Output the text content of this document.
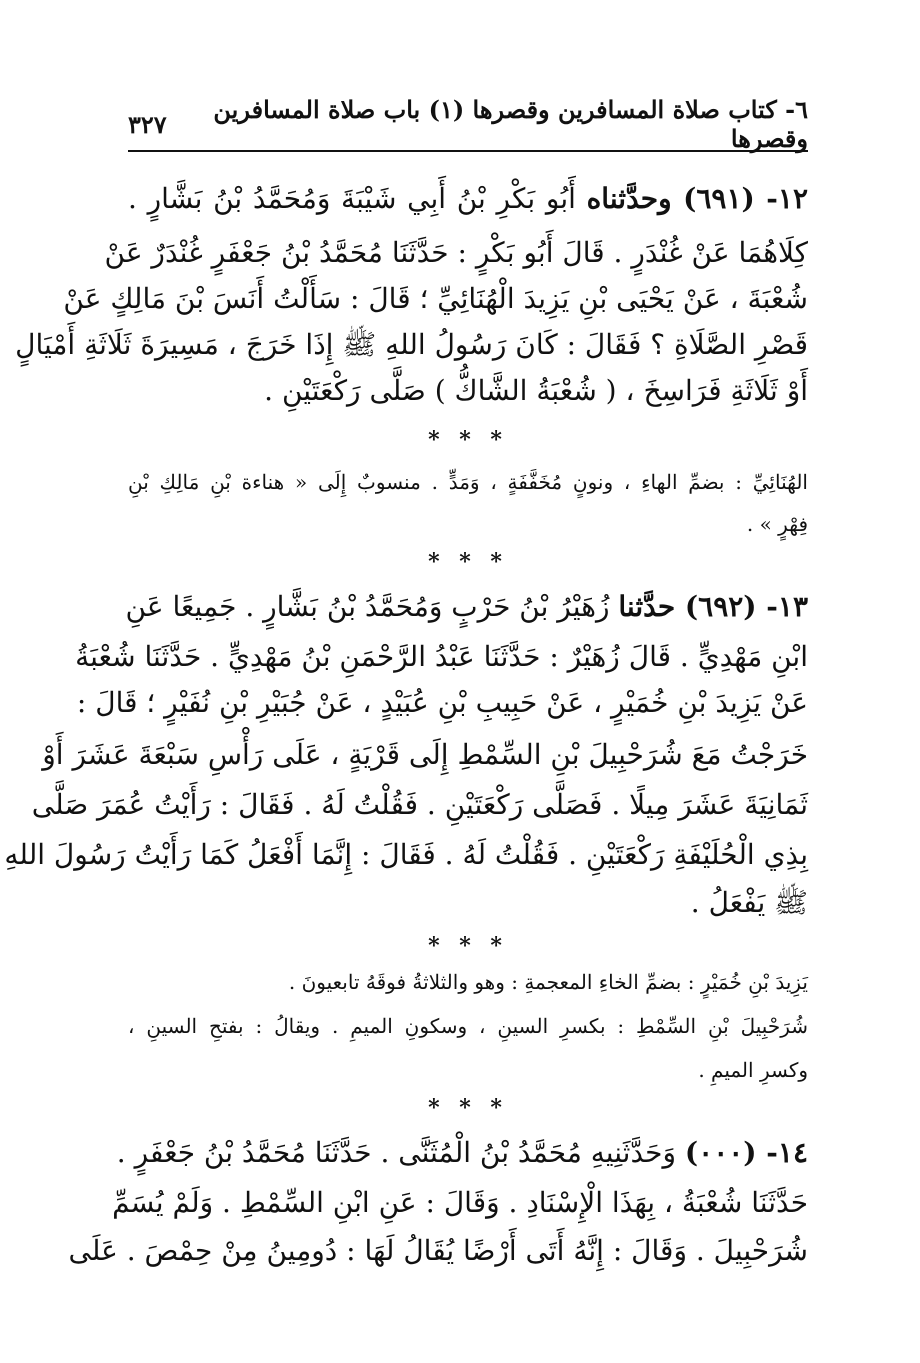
٦- كتاب صلاة المسافرين وقصرها (١) باب صلاة المسافرين وقصرها
٣٢٧
١٢- (٦٩١) وحدَّثناه أَبُو بَكْرِ بْنُ أَبِي شَيْبَةَ وَمُحَمَّدُ بْنُ بَشَّارٍ .
كِلَاهُمَا عَنْ غُنْدَرٍ . قَالَ أَبُو بَكْرٍ : حَدَّثَنَا مُحَمَّدُ بْنُ جَعْفَرٍ غُنْدَرٌ عَنْ
شُعْبَةَ ، عَنْ يَحْيَى بْنِ يَزِيدَ الْهُنَائِيِّ ؛ قَالَ : سَأَلْتُ أَنَسَ بْنَ مَالِكٍ عَنْ
قَصْرِ الصَّلَاةِ ؟ فَقَالَ : كَانَ رَسُولُ اللهِ ﷺ إِذَا خَرَجَ ، مَسِيرَةَ ثَلَاثَةِ أَمْيَالٍ
أَوْ ثَلَاثَةِ فَرَاسِخَ ، ( شُعْبَةُ الشَّاكُّ ) صَلَّى رَكْعَتَيْنِ .
* * *
الهُنَائِيِّ : بضمِّ الهاءِ ، ونونٍ مُخَفَّفَةٍ ، وَمَدٍّ . منسوبٌ إِلَى « هناءة بْنِ مَالِكِ بْنِ
فِهْرٍ » .
* * *
١٣- (٦٩٢) حدَّثنا زُهَيْرُ بْنُ حَرْبٍ وَمُحَمَّدُ بْنُ بَشَّارٍ . جَمِيعًا عَنِ
ابْنِ مَهْدِيٍّ . قَالَ زُهَيْرٌ : حَدَّثَنَا عَبْدُ الرَّحْمَنِ بْنُ مَهْدِيٍّ . حَدَّثَنَا شُعْبَةُ
عَنْ يَزِيدَ بْنِ خُمَيْرٍ ، عَنْ حَبِيبِ بْنِ عُبَيْدٍ ، عَنْ جُبَيْرِ بْنِ نُفَيْرٍ ؛ قَالَ :
خَرَجْتُ مَعَ شُرَحْبِيلَ بْنِ السِّمْطِ إِلَى قَرْيَةٍ ، عَلَى رَأْسِ سَبْعَةَ عَشَرَ أَوْ
ثَمَانِيَةَ عَشَرَ مِيلًا . فَصَلَّى رَكْعَتَيْنِ . فَقُلْتُ لَهُ . فَقَالَ : رَأَيْتُ عُمَرَ صَلَّى
بِذِي الْحُلَيْفَةِ رَكْعَتَيْنِ . فَقُلْتُ لَهُ . فَقَالَ : إِنَّمَا أَفْعَلُ كَمَا رَأَيْتُ رَسُولَ اللهِ
ﷺ يَفْعَلُ .
* * *
يَزِيدَ بْنِ خُمَيْرٍ : بضمِّ الخاءِ المعجمةِ : وهو والثلاثةُ فوقَهُ تابعيونَ .
شُرَحْبِيلَ بْنِ السِّمْطِ : بكسرِ السينِ ، وسكونِ الميمِ . ويقالُ : بفتحِ السينِ ،
وكسرِ الميمِ .
* * *
١٤- (٠٠٠) وَحَدَّثَنِيهِ مُحَمَّدُ بْنُ الْمُثَنَّى . حَدَّثَنَا مُحَمَّدُ بْنُ جَعْفَرٍ .
حَدَّثَنَا شُعْبَةُ ، بِهَذَا الْإِسْنَادِ . وَقَالَ : عَنِ ابْنِ السِّمْطِ . وَلَمْ يُسَمِّ
شُرَحْبِيلَ . وَقَالَ : إِنَّهُ أَتَى أَرْضًا يُقَالُ لَهَا : دُومِينُ مِنْ حِمْصَ . عَلَى
